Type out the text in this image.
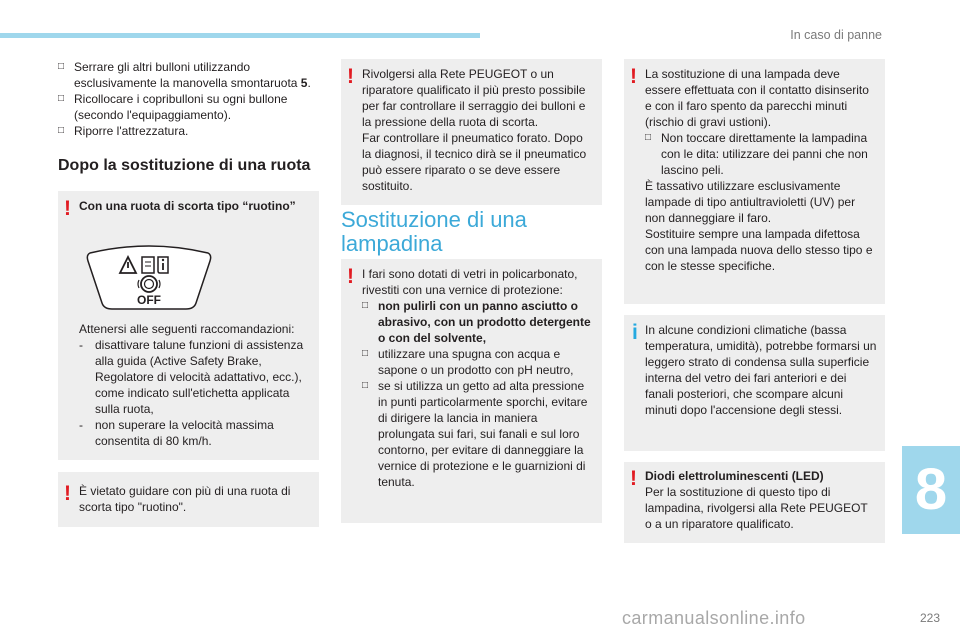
In caso di panne
8
223
carmanualsonline.info
□ Serrare gli altri bulloni utilizzando esclusivamente la manovella smontaruota 5.
□ Ricollocare i copribulloni su ogni bullone (secondo l'equipaggiamento).
□ Riporre l'attrezzatura.
Dopo la sostituzione di una ruota
! Con una ruota di scorta tipo “ruotino”
OFF
Attenersi alle seguenti raccomandazioni:
- disattivare talune funzioni di assistenza alla guida (Active Safety Brake, Regolatore di velocità adattativo, ecc.), come indicato sull'etichetta applicata sulla ruota,
- non superare la velocità massima consentita di 80 km/h.
! È vietato guidare con più di una ruota di scorta tipo "ruotino".
! Rivolgersi alla Rete PEUGEOT o un riparatore qualificato il più presto possibile per far controllare il serraggio dei bulloni e la pressione della ruota di scorta.
Far controllare il pneumatico forato. Dopo la diagnosi, il tecnico dirà se il pneumatico può essere riparato o se deve essere sostituito.
Sostituzione di una
lampadina
! I fari sono dotati di vetri in policarbonato, rivestiti con una vernice di protezione:
□ non pulirli con un panno asciutto o abrasivo, con un prodotto detergente o con del solvente,
□ utilizzare una spugna con acqua e sapone o un prodotto con pH neutro,
□ se si utilizza un getto ad alta pressione in punti particolarmente sporchi, evitare di dirigere la lancia in maniera prolungata sui fari, sui fanali e sul loro contorno, per evitare di danneggiare la vernice di protezione e le guarnizioni di tenuta.
! La sostituzione di una lampada deve essere effettuata con il contatto disinserito e con il faro spento da parecchi minuti (rischio di gravi ustioni).
□ Non toccare direttamente la lampadina con le dita: utilizzare dei panni che non lascino peli.
È tassativo utilizzare esclusivamente lampade di tipo antiultravioletti (UV) per non danneggiare il faro.
Sostituire sempre una lampada difettosa con una lampada nuova dello stesso tipo e con le stesse specifiche.
i In alcune condizioni climatiche (bassa temperatura, umidità), potrebbe formarsi un leggero strato di condensa sulla superficie interna del vetro dei fari anteriori e dei fanali posteriori, che scompare alcuni minuti dopo l'accensione degli stessi.
! Diodi elettroluminescenti (LED)
Per la sostituzione di questo tipo di lampadina, rivolgersi alla Rete PEUGEOT o a un riparatore qualificato.
